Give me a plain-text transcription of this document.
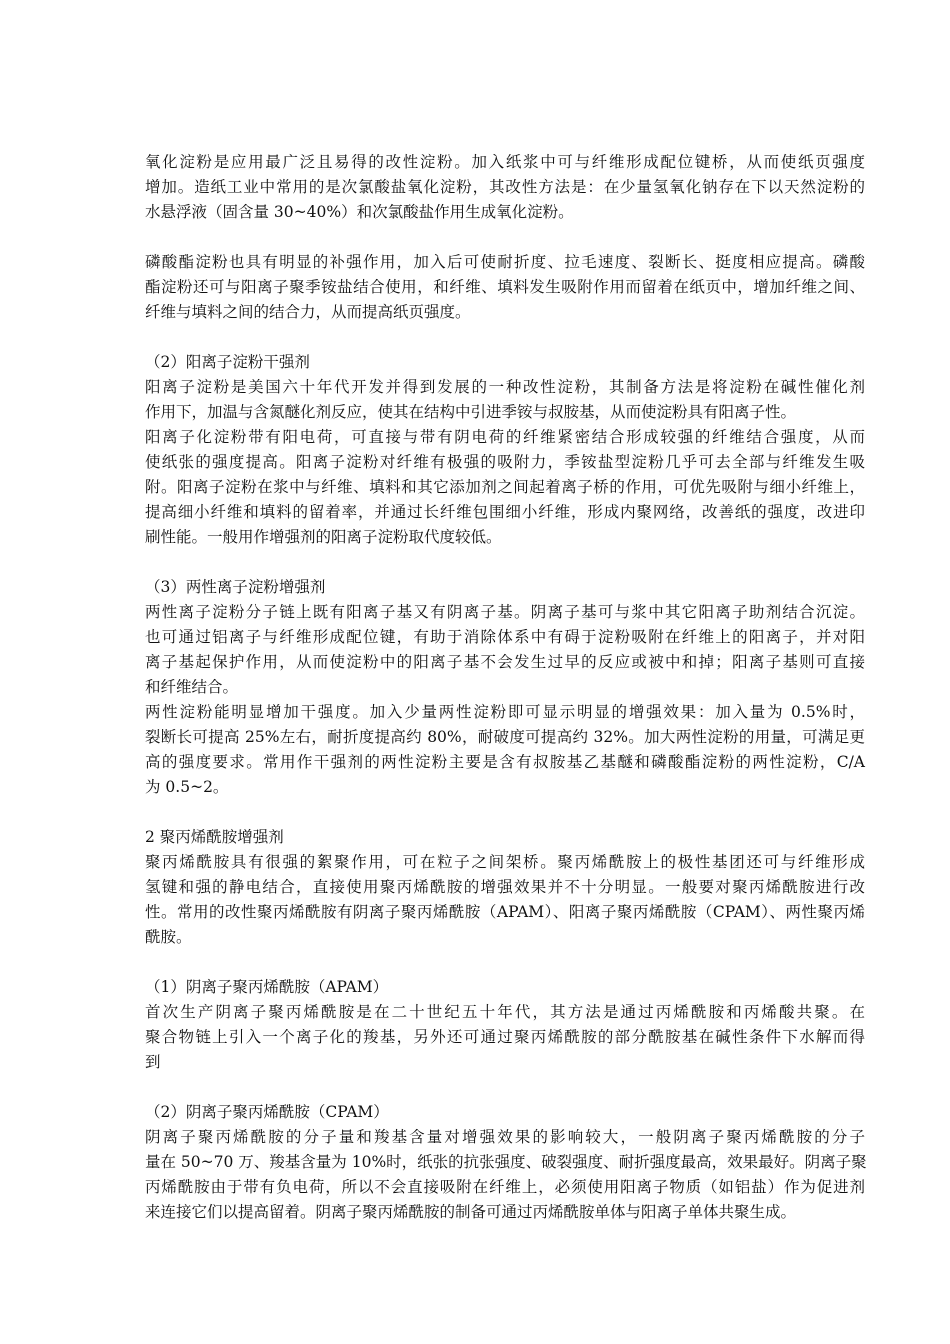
氧化淀粉是应用最广泛且易得的改性淀粉。加入纸浆中可与纤维形成配位键桥，从而使纸页强度
增加。造纸工业中常用的是次氯酸盐氧化淀粉，其改性方法是：在少量氢氧化钠存在下以天然淀粉的
水悬浮液（固含量 30~40%）和次氯酸盐作用生成氧化淀粉。
磷酸酯淀粉也具有明显的补强作用，加入后可使耐折度、拉毛速度、裂断长、挺度相应提高。磷酸
酯淀粉还可与阳离子聚季铵盐结合使用，和纤维、填料发生吸附作用而留着在纸页中，增加纤维之间、
纤维与填料之间的结合力，从而提高纸页强度。
（2）阳离子淀粉干强剂
阳离子淀粉是美国六十年代开发并得到发展的一种改性淀粉，其制备方法是将淀粉在碱性催化剂
作用下，加温与含氮醚化剂反应，使其在结构中引进季铵与叔胺基，从而使淀粉具有阳离子性。
阳离子化淀粉带有阳电荷，可直接与带有阴电荷的纤维紧密结合形成较强的纤维结合强度，从而
使纸张的强度提高。阳离子淀粉对纤维有极强的吸附力，季铵盐型淀粉几乎可去全部与纤维发生吸
附。阳离子淀粉在浆中与纤维、填料和其它添加剂之间起着离子桥的作用，可优先吸附与细小纤维上，
提高细小纤维和填料的留着率，并通过长纤维包围细小纤维，形成内聚网络，改善纸的强度，改进印
刷性能。一般用作增强剂的阳离子淀粉取代度较低。
（3）两性离子淀粉增强剂
两性离子淀粉分子链上既有阳离子基又有阴离子基。阴离子基可与浆中其它阳离子助剂结合沉淀。
也可通过铝离子与纤维形成配位键，有助于消除体系中有碍于淀粉吸附在纤维上的阳离子，并对阳
离子基起保护作用，从而使淀粉中的阳离子基不会发生过早的反应或被中和掉；阳离子基则可直接
和纤维结合。
两性淀粉能明显增加干强度。加入少量两性淀粉即可显示明显的增强效果：加入量为 0.5%时，
裂断长可提高 25%左右，耐折度提高约 80%，耐破度可提高约 32%。加大两性淀粉的用量，可满足更
高的强度要求。常用作干强剂的两性淀粉主要是含有叔胺基乙基醚和磷酸酯淀粉的两性淀粉，C/A
为 0.5~2。
2 聚丙烯酰胺增强剂
聚丙烯酰胺具有很强的絮聚作用，可在粒子之间架桥。聚丙烯酰胺上的极性基团还可与纤维形成
氢键和强的静电结合，直接使用聚丙烯酰胺的增强效果并不十分明显。一般要对聚丙烯酰胺进行改
性。常用的改性聚丙烯酰胺有阴离子聚丙烯酰胺（APAM）、阳离子聚丙烯酰胺（CPAM）、两性聚丙烯
酰胺。
（1）阴离子聚丙烯酰胺（APAM）
首次生产阴离子聚丙烯酰胺是在二十世纪五十年代，其方法是通过丙烯酰胺和丙烯酸共聚。在
聚合物链上引入一个离子化的羧基，另外还可通过聚丙烯酰胺的部分酰胺基在碱性条件下水解而得
到
（2）阴离子聚丙烯酰胺（CPAM）
阴离子聚丙烯酰胺的分子量和羧基含量对增强效果的影响较大，一般阴离子聚丙烯酰胺的分子
量在 50~70 万、羧基含量为 10%时，纸张的抗张强度、破裂强度、耐折强度最高，效果最好。阴离子聚
丙烯酰胺由于带有负电荷，所以不会直接吸附在纤维上，必须使用阳离子物质（如铝盐）作为促进剂
来连接它们以提高留着。阴离子聚丙烯酰胺的制备可通过丙烯酰胺单体与阳离子单体共聚生成。
